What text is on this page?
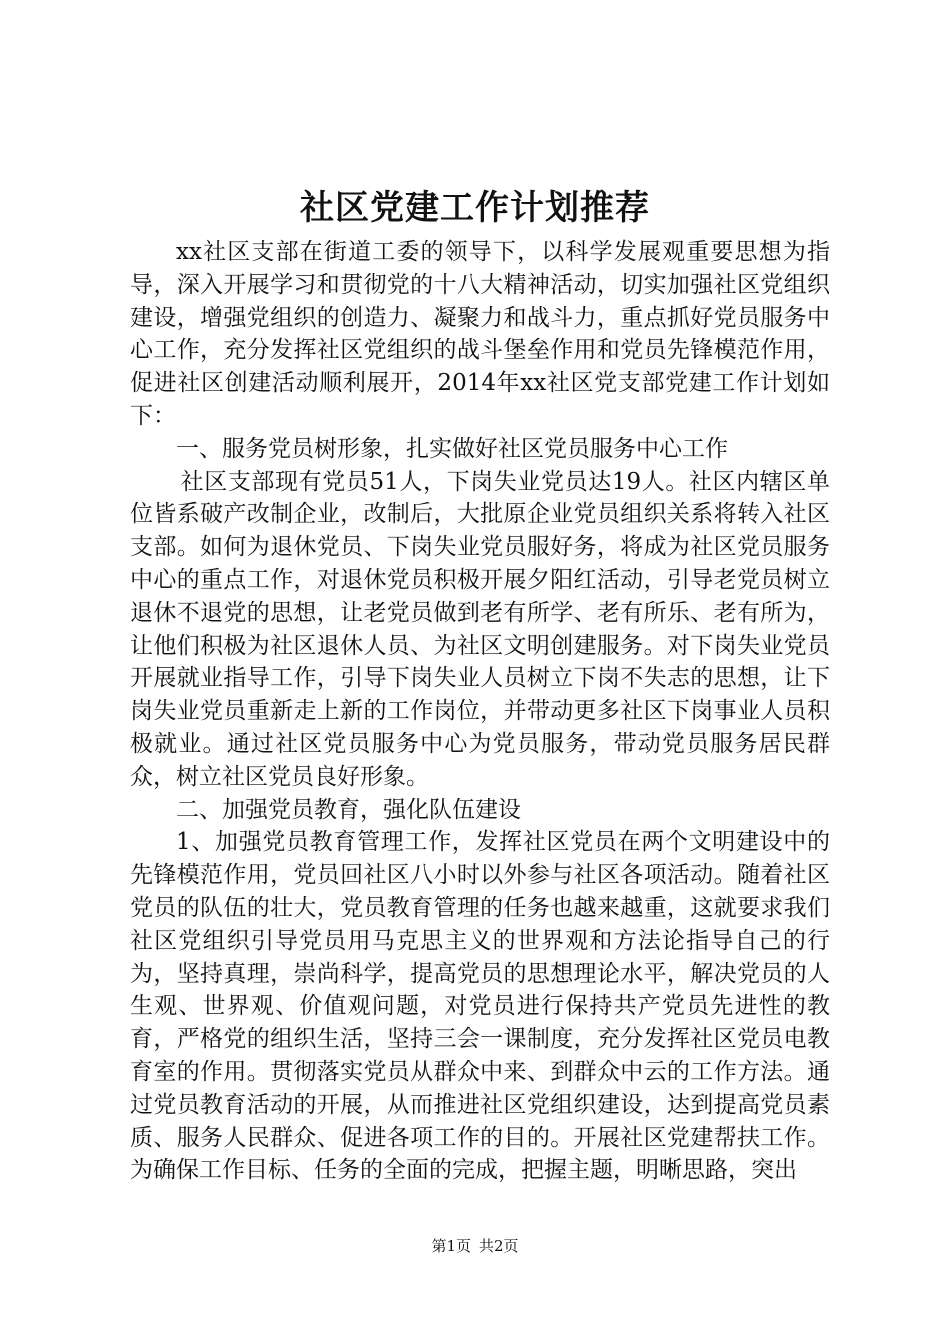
社区党建工作计划推荐

xx社区支部在街道工委的领导下，以科学发展观重要思想为指导，深入开展学习和贯彻党的十八大精神活动，切实加强社区党组织建设，增强党组织的创造力、凝聚力和战斗力，重点抓好党员服务中心工作，充分发挥社区党组织的战斗堡垒作用和党员先锋模范作用，促进社区创建活动顺利展开，2014年xx社区党支部党建工作计划如下：

一、服务党员树形象，扎实做好社区党员服务中心工作

社区支部现有党员51人，下岗失业党员达19人。社区内辖区单位皆系破产改制企业，改制后，大批原企业党员组织关系将转入社区支部。如何为退休党员、下岗失业党员服好务，将成为社区党员服务中心的重点工作，对退休党员积极开展夕阳红活动，引导老党员树立退休不退党的思想，让老党员做到老有所学、老有所乐、老有所为，让他们积极为社区退休人员、为社区文明创建服务。对下岗失业党员开展就业指导工作，引导下岗失业人员树立下岗不失志的思想，让下岗失业党员重新走上新的工作岗位，并带动更多社区下岗事业人员积极就业。通过社区党员服务中心为党员服务，带动党员服务居民群众，树立社区党员良好形象。

二、加强党员教育，强化队伍建设

1、加强党员教育管理工作，发挥社区党员在两个文明建设中的先锋模范作用，党员回社区八小时以外参与社区各项活动。随着社区党员的队伍的壮大，党员教育管理的任务也越来越重，这就要求我们社区党组织引导党员用马克思主义的世界观和方法论指导自己的行为，坚持真理，崇尚科学，提高党员的思想理论水平，解决党员的人生观、世界观、价值观问题，对党员进行保持共产党员先进性的教育，严格党的组织生活，坚持三会一课制度，充分发挥社区党员电教育室的作用。贯彻落实党员从群众中来、到群众中云的工作方法。通过党员教育活动的开展，从而推进社区党组织建设，达到提高党员素质、服务人民群众、促进各项工作的目的。开展社区党建帮扶工作。为确保工作目标、任务的全面的完成，把握主题，明晰思路，突出

第1页 共2页
